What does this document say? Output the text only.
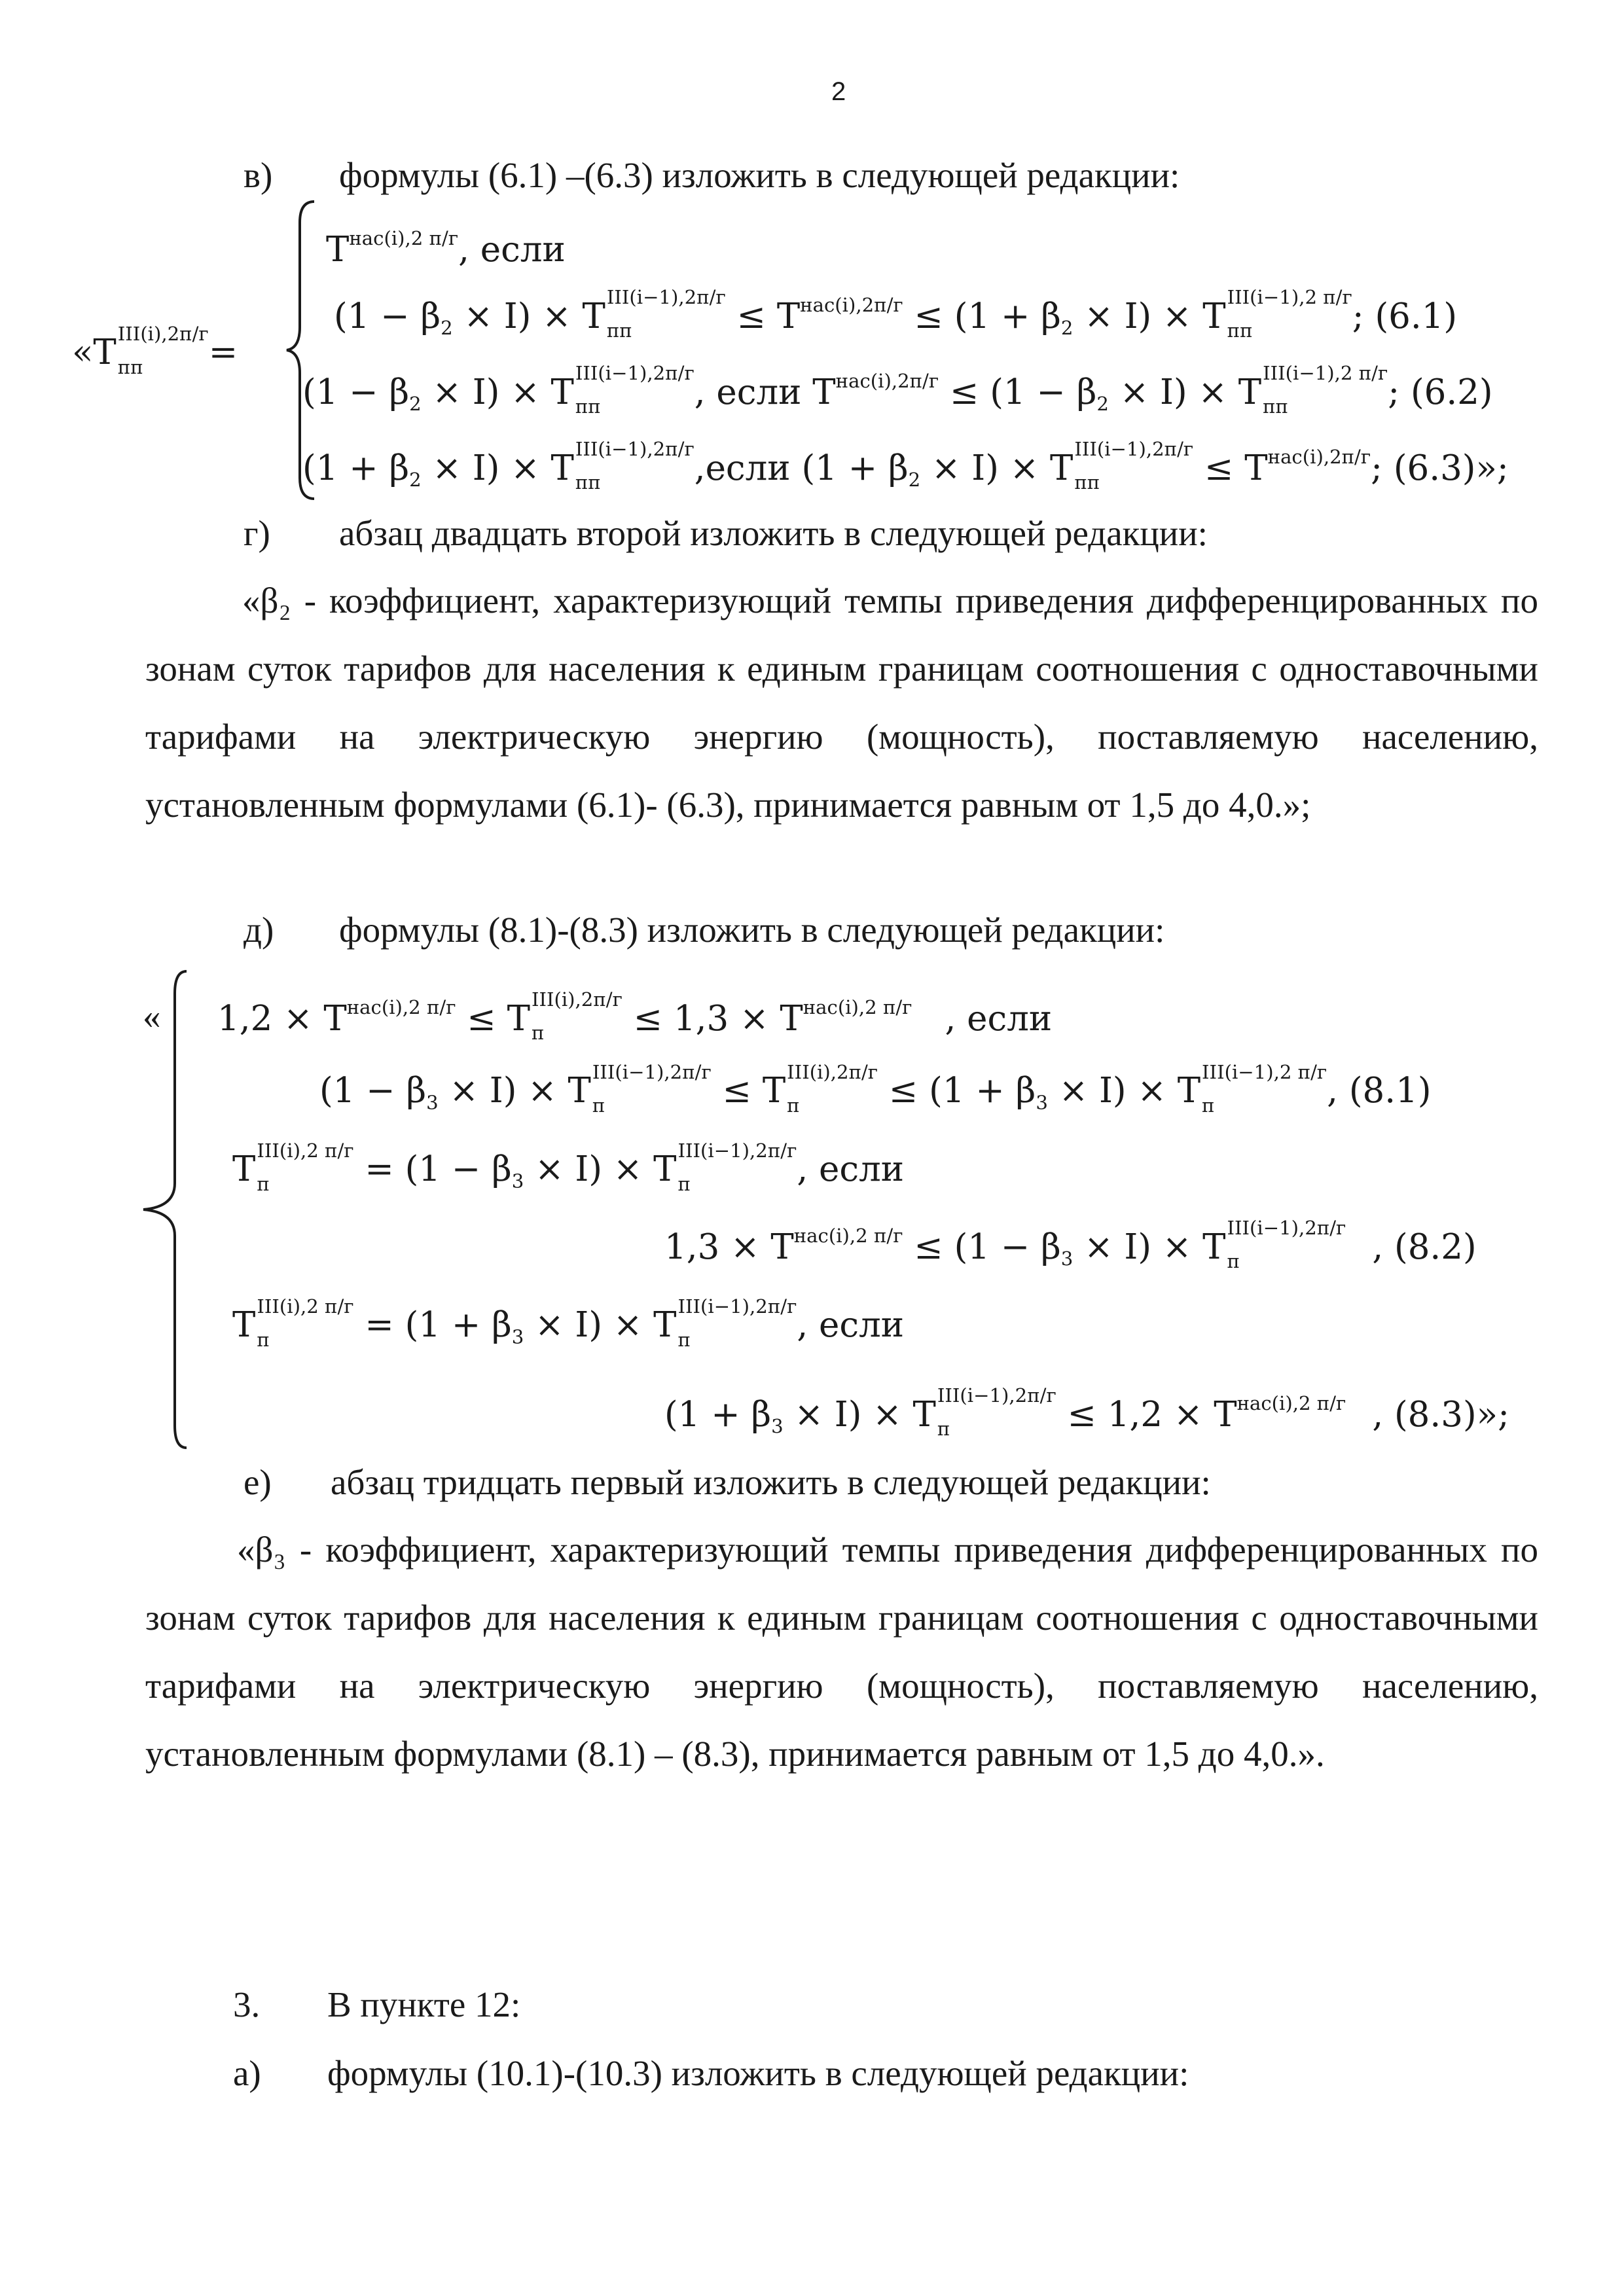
2
в) формулы (6.1) –(6.3) изложить в следующей редакции:
«T III(i),2п/г
пп	=
$T^{нас(i),2 п/г}$, если
$(1 - \beta_2 \times I) \times T$ III(i−1),2п/г
пп	≤ $T^{нас(i),2п/г} \le (1 + \beta_2 \times I) \times T$ III(i−1),2 п/г
пп	; (6.1)
$(1 - \beta_2 \times I) \times T$ III(i−1),2п/г
пп	, если $T^{нас(i),2п/г} \le (1 - \beta_2 \times I) \times T$ III(i−1),2 п/г
пп	; (6.2)
$(1 + \beta_2 \times I) \times T$ III(i−1),2п/г
пп	,если $(1 + \beta_2 \times I) \times T$ III(i−1),2п/г
пп	≤ $T^{нас(i),2п/г}$; (6.3)»;
г) абзац двадцать второй изложить в следующей редакции:
«β₂ - коэффициент, характеризующий темпы приведения дифференцированных по зонам суток тарифов для населения к единым границам соотношения с одноставочными тарифами на электрическую энергию (мощность), поставляемую населению, установленным формулами (6.1)- (6.3), принимается равным от 1,5 до 4,0.»;
д) формулы (8.1)-(8.3) изложить в следующей редакции:
« $1,2 \times T^{нас(i),2 п/г} \le T$ III(i),2п/г
п	≤ $1,3 \times T^{нас(i),2 п/г}$ , если
$(1 - \beta_3 \times I) \times T$ III(i−1),2п/г
п	≤ T III(i),2п/г
п	≤ $(1 + \beta_3 \times I) \times T$ III(i−1),2 п/г
п	, (8.1)
T III(i),2 п/г
п	= $(1 - \beta_3 \times I) \times T$ III(i−1),2п/г
п	, если
$1,3 \times T^{нас(i),2 п/г} \le (1 - \beta_3 \times I) \times T$ III(i−1),2п/г
п	, (8.2)
T III(i),2 п/г
п	= $(1 + \beta_3 \times I) \times T$ III(i−1),2п/г
п	, если
$(1 + \beta_3 \times I) \times T$ III(i−1),2п/г
п	≤ $1,2 \times T^{нас(i),2 п/г}$ , (8.3)»;
е) абзац тридцать первый изложить в следующей редакции:
«β₃ - коэффициент, характеризующий темпы приведения дифференцированных по зонам суток тарифов для населения к единым границам соотношения с одноставочными тарифами на электрическую энергию (мощность), поставляемую населению, установленным формулами (8.1) – (8.3), принимается равным от 1,5 до 4,0.».
3. В пункте 12:
а) формулы (10.1)-(10.3) изложить в следующей редакции:
